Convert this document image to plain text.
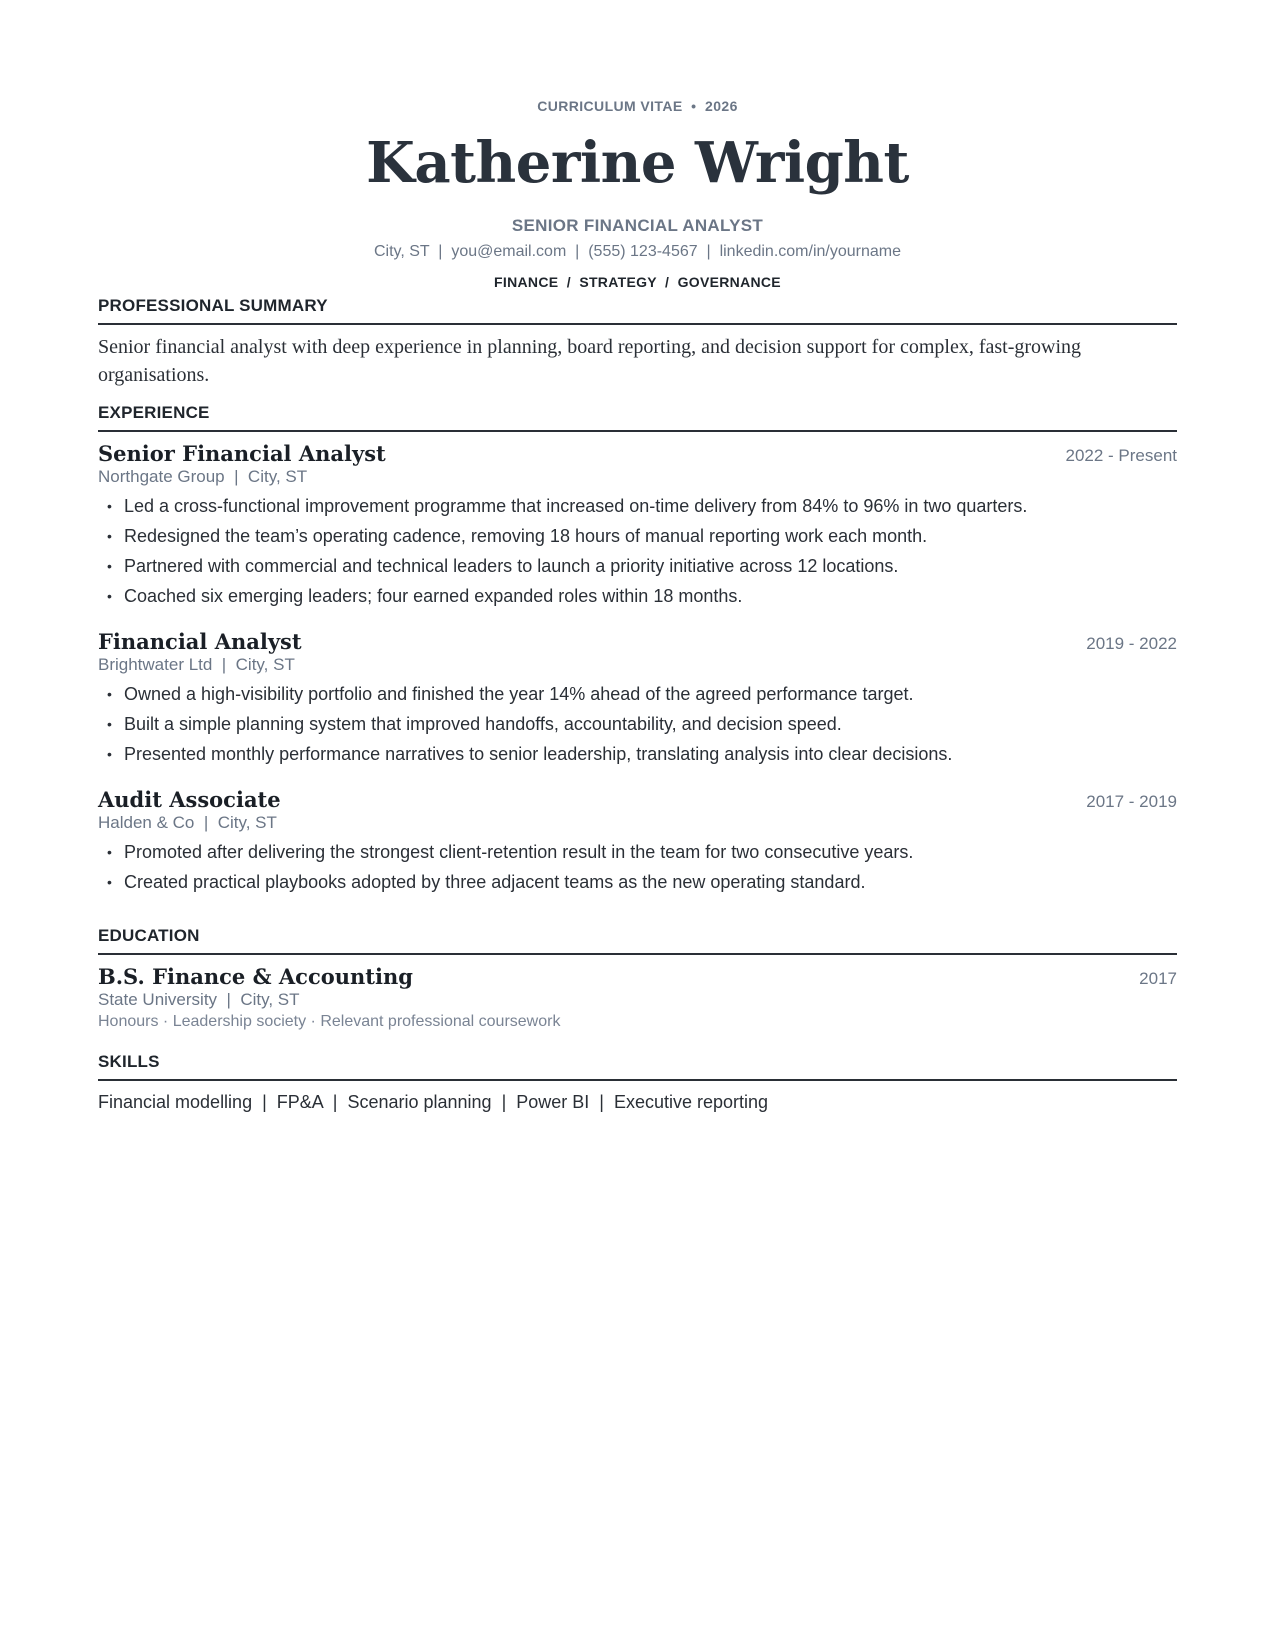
CURRICULUM VITAE  •  2026
Katherine Wright
SENIOR FINANCIAL ANALYST
City, ST  |  you@email.com  |  (555) 123-4567  |  linkedin.com/in/yourname
FINANCE  /  STRATEGY  /  GOVERNANCE
PROFESSIONAL SUMMARY
Senior financial analyst with deep experience in planning, board reporting, and decision support for complex, fast-growing organisations.
EXPERIENCE
Senior Financial Analyst	2022 - Present
Northgate Group  |  City, ST
• Led a cross-functional improvement programme that increased on-time delivery from 84% to 96% in two quarters.
• Redesigned the team’s operating cadence, removing 18 hours of manual reporting work each month.
• Partnered with commercial and technical leaders to launch a priority initiative across 12 locations.
• Coached six emerging leaders; four earned expanded roles within 18 months.
Financial Analyst	2019 - 2022
Brightwater Ltd  |  City, ST
• Owned a high-visibility portfolio and finished the year 14% ahead of the agreed performance target.
• Built a simple planning system that improved handoffs, accountability, and decision speed.
• Presented monthly performance narratives to senior leadership, translating analysis into clear decisions.
Audit Associate	2017 - 2019
Halden & Co  |  City, ST
• Promoted after delivering the strongest client-retention result in the team for two consecutive years.
• Created practical playbooks adopted by three adjacent teams as the new operating standard.
EDUCATION
B.S. Finance & Accounting	2017
State University  |  City, ST
Honours · Leadership society · Relevant professional coursework
SKILLS
Financial modelling  |  FP&A  |  Scenario planning  |  Power BI  |  Executive reporting
